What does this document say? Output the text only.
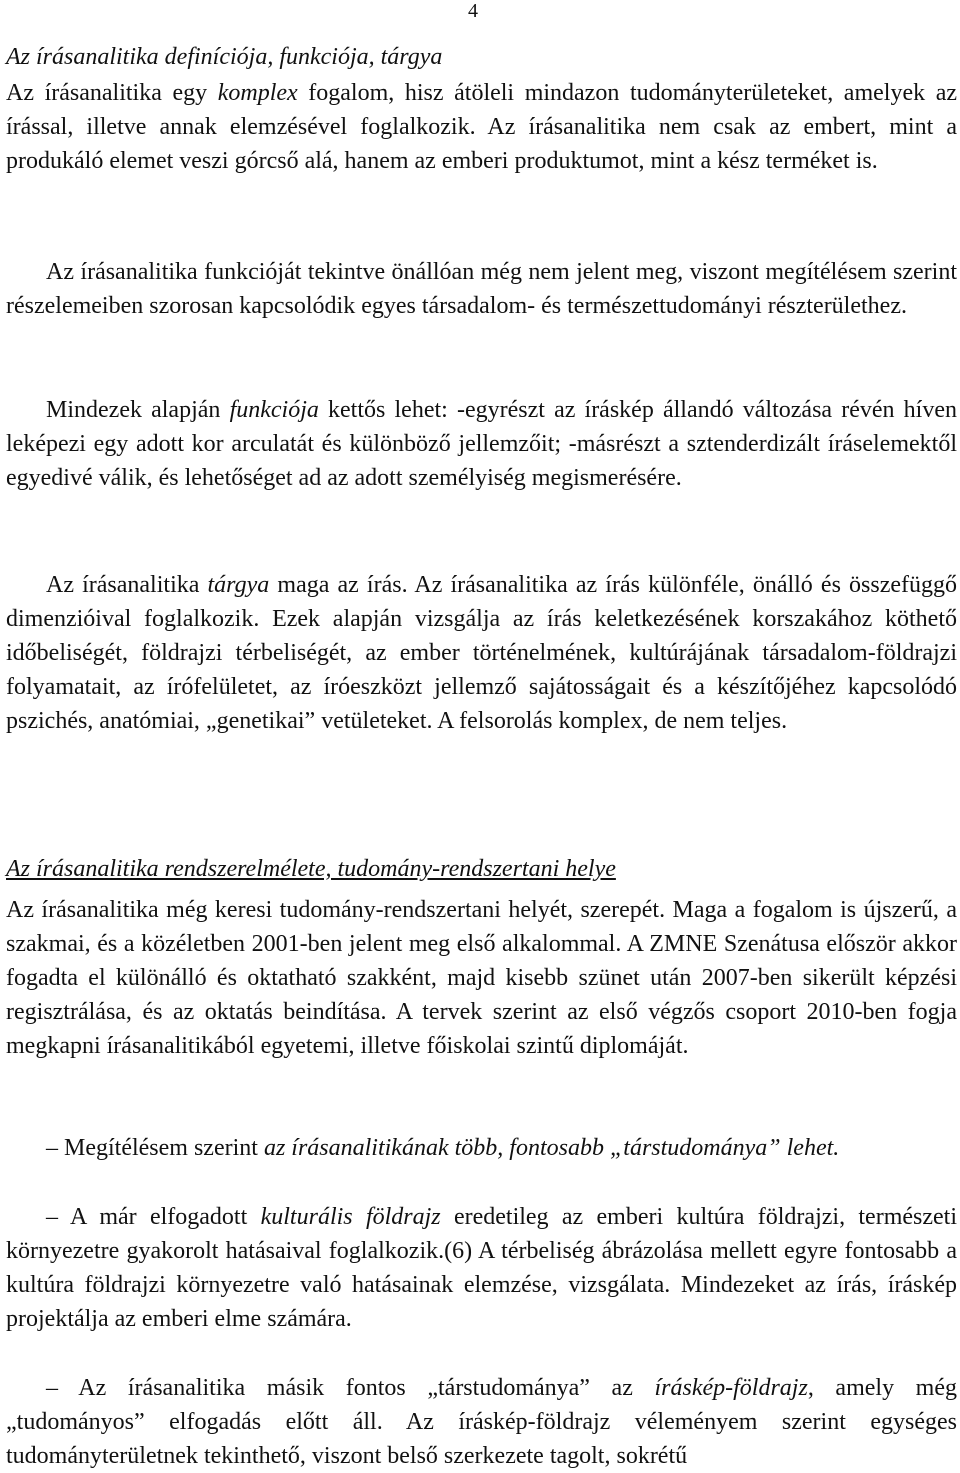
4
Az írásanalitika definíciója, funkciója, tárgya

Az írásanalitika egy komplex fogalom, hisz átöleli mindazon tudományterületeket, amelyek az írással, illetve annak elemzésével foglalkozik. Az írásanalitika nem csak az embert, mint a produkáló elemet veszi górcső alá, hanem az emberi produktumot, mint a kész terméket is.

Az írásanalitika funkcióját tekintve önállóan még nem jelent meg, viszont megítélésem szerint részelemeiben szorosan kapcsolódik egyes társadalom- és természettudományi részterülethez.

Mindezek alapján funkciója kettős lehet: -egyrészt az íráskép állandó változása révén híven leképezi egy adott kor arculatát és különböző jellemzőit; -másrészt a sztenderdizált íráselemektől egyedivé válik, és lehetőséget ad az adott személyiség megismerésére.

Az írásanalitika tárgya maga az írás. Az írásanalitika az írás különféle, önálló és összefüggő dimenzióival foglalkozik. Ezek alapján vizsgálja az írás keletkezésének korszakához köthető időbeliségét, földrajzi térbeliségét, az ember történelmének, kultúrájának társadalom-földrajzi folyamatait, az írófelületet, az íróeszközt jellemző sajátosságait és a készítőjéhez kapcsolódó pszichés, anatómiai, „genetikai” vetületeket. A felsorolás komplex, de nem teljes.

Az írásanalitika rendszerelmélete, tudomány-rendszertani helye

Az írásanalitika még keresi tudomány-rendszertani helyét, szerepét. Maga a fogalom is újszerű, a szakmai, és a közéletben 2001-ben jelent meg első alkalommal. A ZMNE Szenátusa először akkor fogadta el különálló és oktatható szakként, majd kisebb szünet után 2007-ben sikerült képzési regisztrálása, és az oktatás beindítása. A tervek szerint az első végzős csoport 2010-ben fogja megkapni írásanalitikából egyetemi, illetve főiskolai szintű diplomáját.

– Megítélésem szerint az írásanalitikának több, fontosabb „társtudománya” lehet.

– A már elfogadott kulturális földrajz eredetileg az emberi kultúra földrajzi, természeti környezetre gyakorolt hatásaival foglalkozik.(6) A térbeliség ábrázolása mellett egyre fontosabb a kultúra földrajzi környezetre való hatásainak elemzése, vizsgálata. Mindezeket az írás, íráskép projektálja az emberi elme számára.

– Az írásanalitika másik fontos „társtudománya” az íráskép-földrajz, amely még „tudományos” elfogadás előtt áll. Az íráskép-földrajz véleményem szerint egységes tudományterületnek tekinthető, viszont belső szerkezete tagolt, sokrétű
